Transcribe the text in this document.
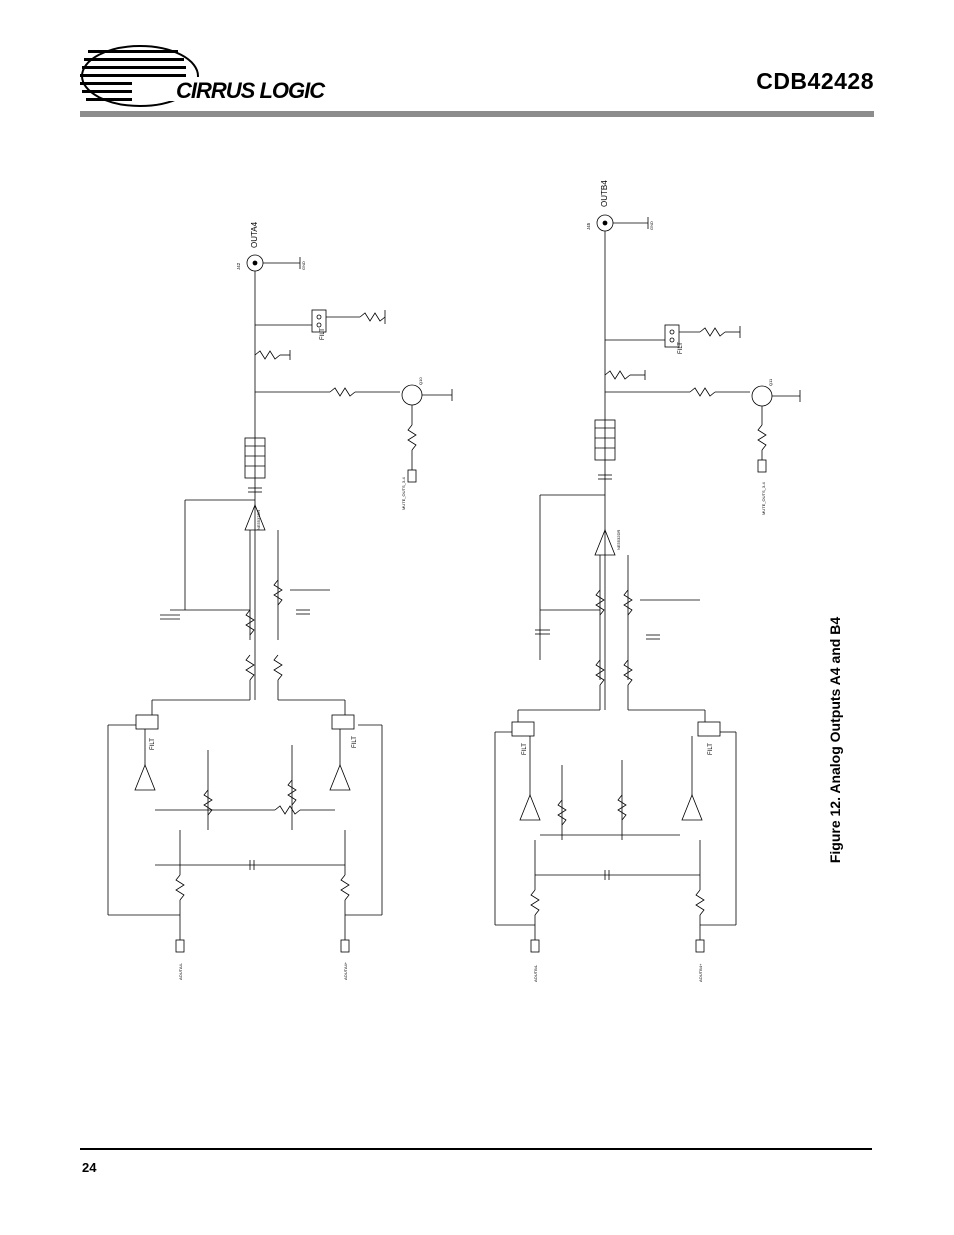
CIRRUS LOGIC	CDB42428
OUTA4
J42
MUTE_OUTS_3-4
AOUTA4-	AOUTA4+
FILT
FILT	FILT
NE5532DR
Q10
GND
OUTB4
J45
MUTE_OUTS_3-4
AOUTB4-	AOUTB4+
FILT
FILT	FILT
NE5532DR
Q11
GND
Figure 12. Analog Outputs A4 and B4
24
